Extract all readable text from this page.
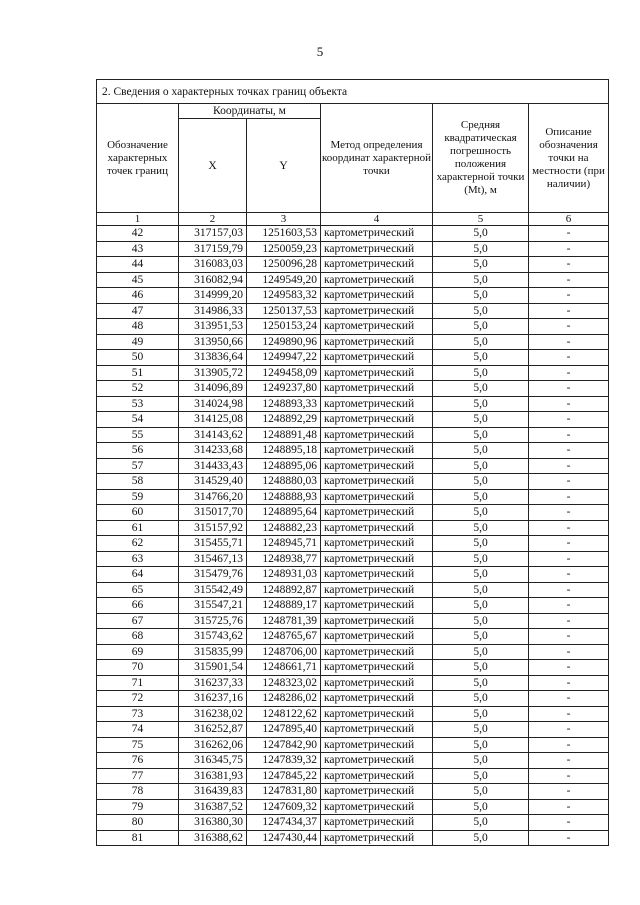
5
2. Сведения о характерных точках границ объекта					
Обозначение характерных точек границ	Координаты, м		Метод определения координат характерной точки	Средняя квадратическая погрешность положения характерной точки (Mt), м	Описание обозначения точки на местности (при наличии)
	X	Y			
1	2	3	4	5	6
42	317157,03	1251603,53	картометрический	5,0	-
43	317159,79	1250059,23	картометрический	5,0	-
44	316083,03	1250096,28	картометрический	5,0	-
45	316082,94	1249549,20	картометрический	5,0	-
46	314999,20	1249583,32	картометрический	5,0	-
47	314986,33	1250137,53	картометрический	5,0	-
48	313951,53	1250153,24	картометрический	5,0	-
49	313950,66	1249890,96	картометрический	5,0	-
50	313836,64	1249947,22	картометрический	5,0	-
51	313905,72	1249458,09	картометрический	5,0	-
52	314096,89	1249237,80	картометрический	5,0	-
53	314024,98	1248893,33	картометрический	5,0	-
54	314125,08	1248892,29	картометрический	5,0	-
55	314143,62	1248891,48	картометрический	5,0	-
56	314233,68	1248895,18	картометрический	5,0	-
57	314433,43	1248895,06	картометрический	5,0	-
58	314529,40	1248880,03	картометрический	5,0	-
59	314766,20	1248888,93	картометрический	5,0	-
60	315017,70	1248895,64	картометрический	5,0	-
61	315157,92	1248882,23	картометрический	5,0	-
62	315455,71	1248945,71	картометрический	5,0	-
63	315467,13	1248938,77	картометрический	5,0	-
64	315479,76	1248931,03	картометрический	5,0	-
65	315542,49	1248892,87	картометрический	5,0	-
66	315547,21	1248889,17	картометрический	5,0	-
67	315725,76	1248781,39	картометрический	5,0	-
68	315743,62	1248765,67	картометрический	5,0	-
69	315835,99	1248706,00	картометрический	5,0	-
70	315901,54	1248661,71	картометрический	5,0	-
71	316237,33	1248323,02	картометрический	5,0	-
72	316237,16	1248286,02	картометрический	5,0	-
73	316238,02	1248122,62	картометрический	5,0	-
74	316252,87	1247895,40	картометрический	5,0	-
75	316262,06	1247842,90	картометрический	5,0	-
76	316345,75	1247839,32	картометрический	5,0	-
77	316381,93	1247845,22	картометрический	5,0	-
78	316439,83	1247831,80	картометрический	5,0	-
79	316387,52	1247609,32	картометрический	5,0	-
80	316380,30	1247434,37	картометрический	5,0	-
81	316388,62	1247430,44	картометрический	5,0	-
